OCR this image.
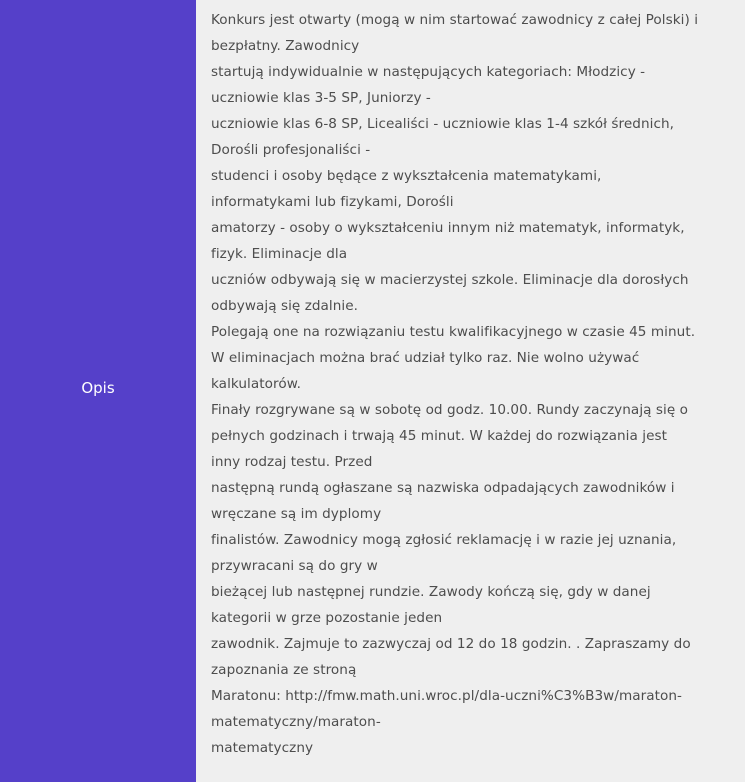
Opis
Konkurs jest otwarty (mogą w nim startować zawodnicy z całej Polski) i
bezpłatny. Zawodnicy
startują indywidualnie w następujących kategoriach: Młodzicy -
uczniowie klas 3-5 SP, Juniorzy -
uczniowie klas 6-8 SP, Licealiści - uczniowie klas 1-4 szkół średnich,
Dorośli profesjonaliści -
studenci i osoby będące z wykształcenia matematykami,
informatykami lub fizykami, Dorośli
amatorzy - osoby o wykształceniu innym niż matematyk, informatyk,
fizyk. Eliminacje dla
uczniów odbywają się w macierzystej szkole. Eliminacje dla dorosłych
odbywają się zdalnie.
Polegają one na rozwiązaniu testu kwalifikacyjnego w czasie 45 minut.
W eliminacjach można brać udział tylko raz. Nie wolno używać
kalkulatorów.
Finały rozgrywane są w sobotę od godz. 10.00. Rundy zaczynają się o
pełnych godzinach i trwają 45 minut. W każdej do rozwiązania jest
inny rodzaj testu. Przed
następną rundą ogłaszane są nazwiska odpadających zawodników i
wręczane są im dyplomy
finalistów. Zawodnicy mogą zgłosić reklamację i w razie jej uznania,
przywracani są do gry w
bieżącej lub następnej rundzie. Zawody kończą się, gdy w danej
kategorii w grze pozostanie jeden
zawodnik. Zajmuje to zazwyczaj od 12 do 18 godzin. . Zapraszamy do
zapoznania ze stroną
Maratonu: http://fmw.math.uni.wroc.pl/dla-uczni%C3%B3w/maraton-
matematyczny/maraton-
matematyczny
